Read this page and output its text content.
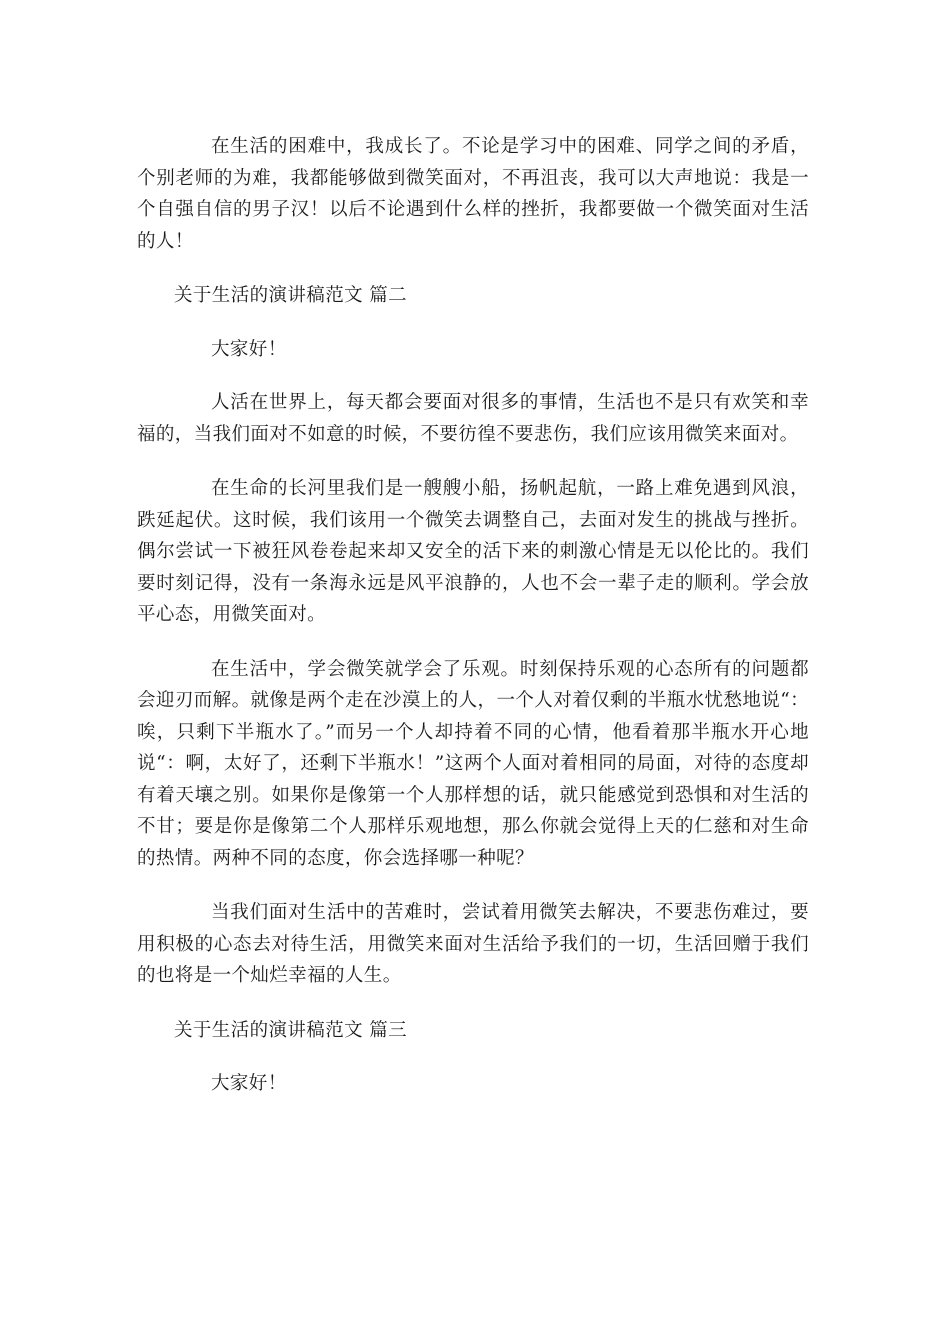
在生活的困难中，我成长了。不论是学习中的困难、同学之间的矛盾，个别老师的为难，我都能够做到微笑面对，不再沮丧，我可以大声地说：我是一个自强自信的男子汉！以后不论遇到什么样的挫折，我都要做一个微笑面对生活的人！

关于生活的演讲稿范文 篇二

大家好！

人活在世界上，每天都会要面对很多的事情，生活也不是只有欢笑和幸福的，当我们面对不如意的时候，不要彷徨不要悲伤，我们应该用微笑来面对。

在生命的长河里我们是一艘艘小船，扬帆起航，一路上难免遇到风浪，跌延起伏。这时候，我们该用一个微笑去调整自己，去面对发生的挑战与挫折。偶尔尝试一下被狂风卷卷起来却又安全的活下来的刺激心情是无以伦比的。我们要时刻记得，没有一条海永远是风平浪静的，人也不会一辈子走的顺利。学会放平心态，用微笑面对。

在生活中，学会微笑就学会了乐观。时刻保持乐观的心态所有的问题都会迎刃而解。就像是两个走在沙漠上的人，一个人对着仅剩的半瓶水忧愁地说“：唉，只剩下半瓶水了。”而另一个人却持着不同的心情，他看着那半瓶水开心地说“：啊，太好了，还剩下半瓶水！”这两个人面对着相同的局面，对待的态度却有着天壤之别。如果你是像第一个人那样想的话，就只能感觉到恐惧和对生活的不甘；要是你是像第二个人那样乐观地想，那么你就会觉得上天的仁慈和对生命的热情。两种不同的态度，你会选择哪一种呢？

当我们面对生活中的苦难时，尝试着用微笑去解决，不要悲伤难过，要用积极的心态去对待生活，用微笑来面对生活给予我们的一切，生活回赠于我们的也将是一个灿烂幸福的人生。

关于生活的演讲稿范文 篇三

大家好！
